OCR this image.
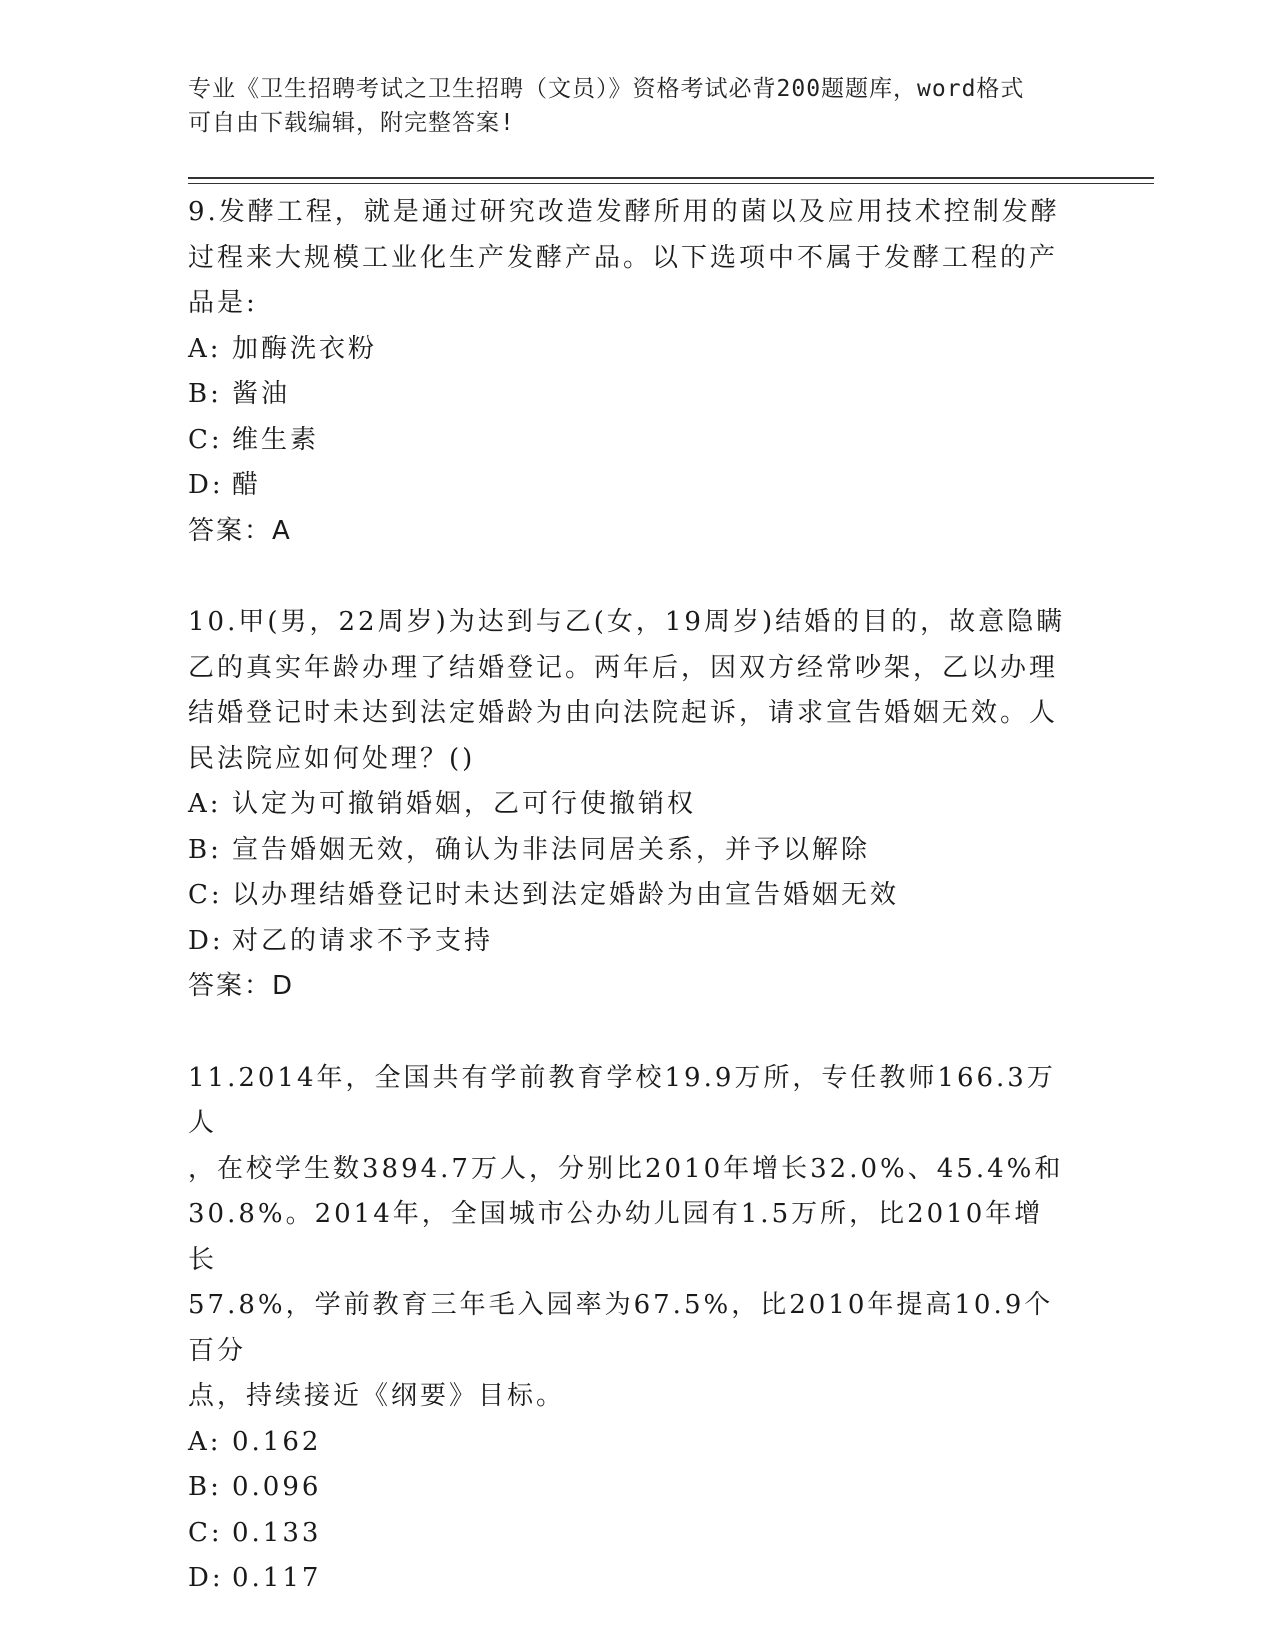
专业《卫生招聘考试之卫生招聘（文员）》资格考试必背200题题库，word格式
可自由下载编辑，附完整答案!

9.发酵工程，就是通过研究改造发酵所用的菌以及应用技术控制发酵

过程来大规模工业化生产发酵产品。以下选项中不属于发酵工程的产

品是:

A: 加酶洗衣粉

B: 酱油

C: 维生素

D: 醋

答案：A

10.甲(男，22周岁)为达到与乙(女，19周岁)结婚的目的，故意隐瞒

乙的真实年龄办理了结婚登记。两年后，因双方经常吵架，乙以办理

结婚登记时未达到法定婚龄为由向法院起诉，请求宣告婚姻无效。人

民法院应如何处理？()

A: 认定为可撤销婚姻，乙可行使撤销权

B: 宣告婚姻无效，确认为非法同居关系，并予以解除

C: 以办理结婚登记时未达到法定婚龄为由宣告婚姻无效

D: 对乙的请求不予支持

答案：D

11.2014年，全国共有学前教育学校19.9万所，专任教师166.3万人

，在校学生数3894.7万人，分别比2010年增长32.0%、45.4%和

30.8%。2014年，全国城市公办幼儿园有1.5万所，比2010年增长

57.8%，学前教育三年毛入园率为67.5%，比2010年提高10.9个百分

点，持续接近《纲要》目标。

A: 0.162

B: 0.096

C: 0.133

D: 0.117
